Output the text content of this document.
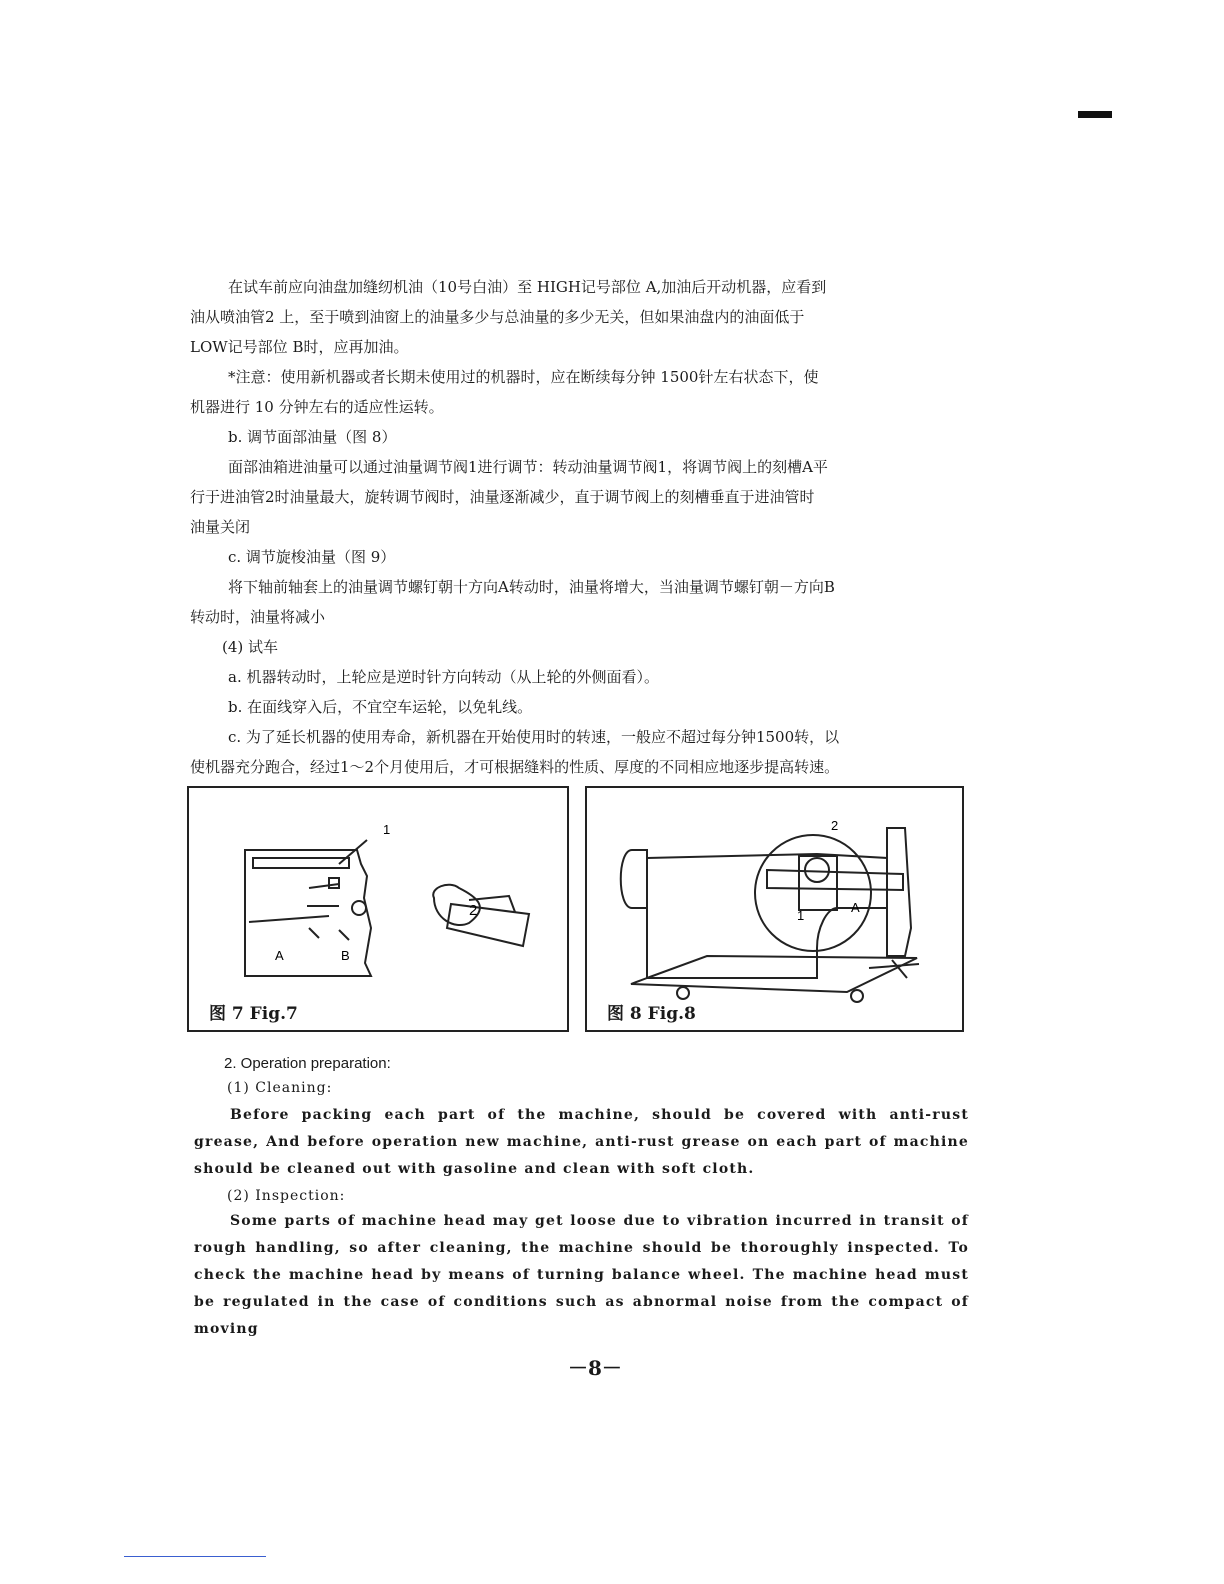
在试车前应向油盘加缝纫机油（10号白油）至 HIGH记号部位 A,加油后开动机器，应看到

油从喷油管2 上，至于喷到油窗上的油量多少与总油量的多少无关，但如果油盘内的油面低于

LOW记号部位 B时，应再加油。

*注意：使用新机器或者长期未使用过的机器时，应在断续每分钟 1500针左右状态下，使

机器进行 10 分钟左右的适应性运转。

b. 调节面部油量（图 8）

面部油箱进油量可以通过油量调节阀1进行调节：转动油量调节阀1，将调节阀上的刻槽A平

行于进油管2时油量最大，旋转调节阀时，油量逐渐减少，直于调节阀上的刻槽垂直于进油管时

油量关闭

c. 调节旋梭油量（图 9）

将下轴前轴套上的油量调节螺钉朝十方向A转动时，油量将增大，当油量调节螺钉朝－方向B

转动时，油量将减小

(4) 试车

a. 机器转动时，上轮应是逆时针方向转动（从上轮的外侧面看）。

b. 在面线穿入后，不宜空车运轮，以免轧线。

c. 为了延长机器的使用寿命，新机器在开始使用时的转速，一般应不超过每分钟1500转，以

使机器充分跑合，经过1～2个月使用后，才可根据缝料的性质、厚度的不同相应地逐步提高转速。

1
2
A	B
图 7 Fig.7
2
1
A
图 8 Fig.8

2. Operation preparation:

(1) Cleaning:

Before packing each part of the machine, should be covered with anti-rust grease, And before operation new machine, anti-rust grease on each part of machine should be cleaned out with gasoline and clean with soft cloth.

(2) Inspection:

Some parts of machine head may get loose due to vibration incurred in transit of rough handling, so after cleaning, the machine should be thoroughly inspected. To check the machine head by means of turning balance wheel. The machine head must be regulated in the case of conditions such as abnormal noise from the compact of moving

－8－
